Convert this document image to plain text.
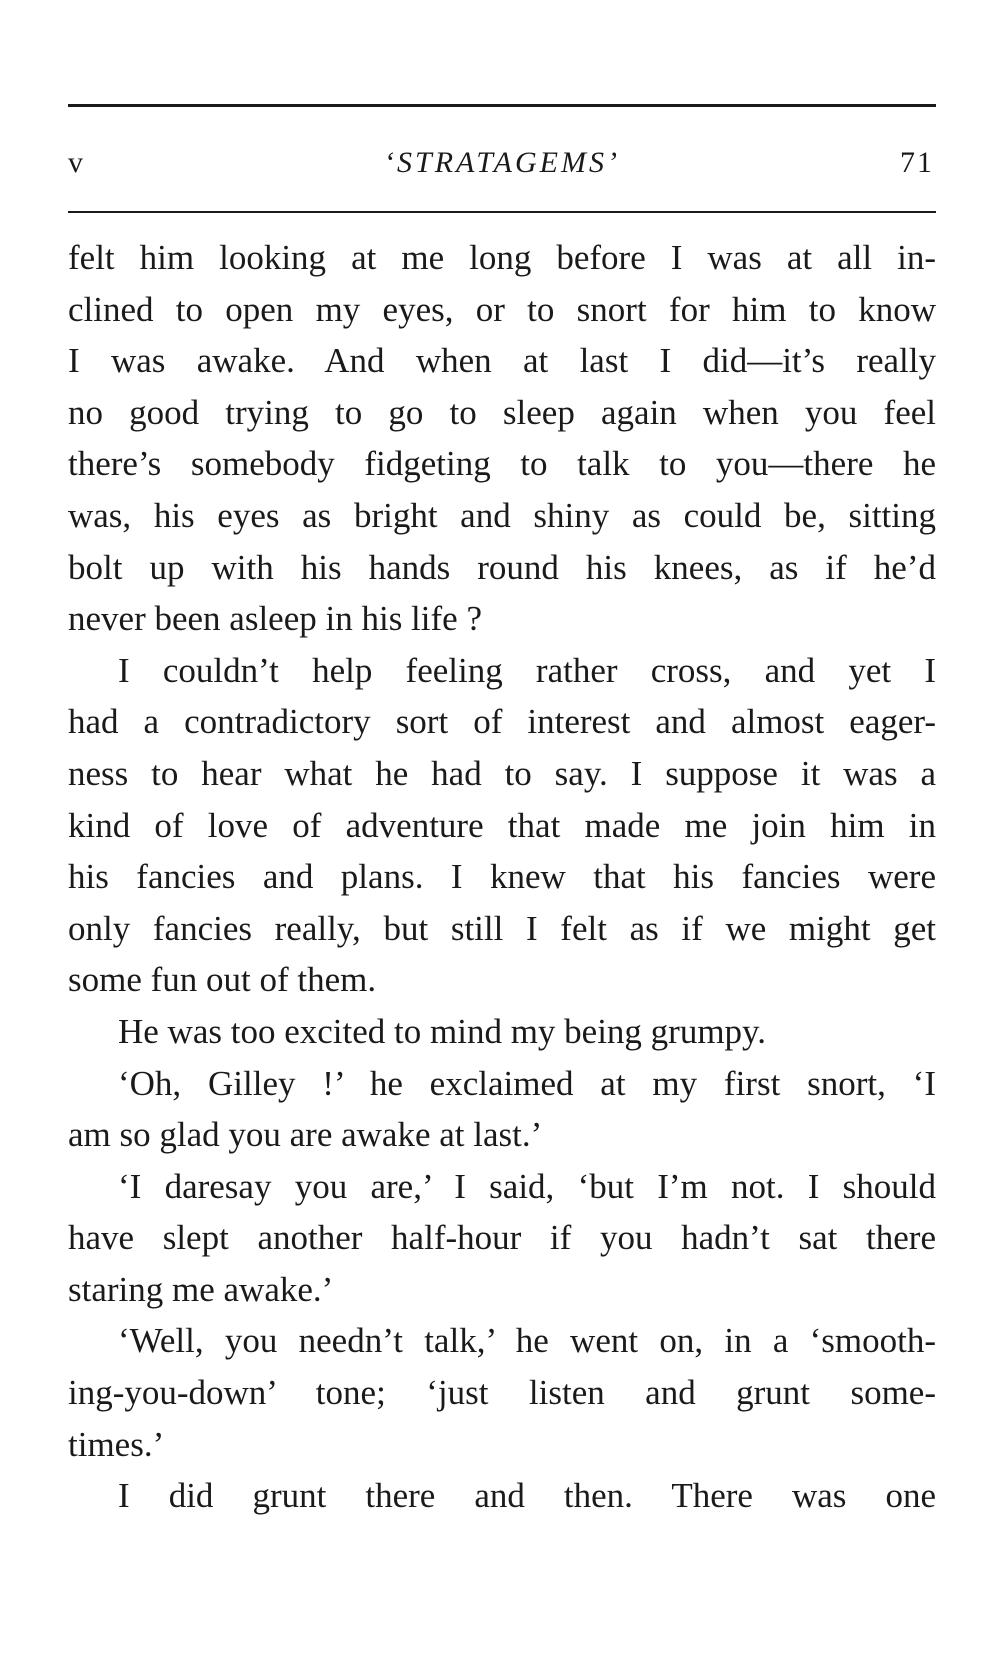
v	‘STRATAGEMS’	71
felt him looking at me long before I was at all in-
clined to open my eyes, or to snort for him to know
I was awake. And when at last I did—it’s really
no good trying to go to sleep again when you feel
there’s somebody fidgeting to talk to you—there he
was, his eyes as bright and shiny as could be, sitting
bolt up with his hands round his knees, as if he’d
never been asleep in his life ?
I couldn’t help feeling rather cross, and yet I
had a contradictory sort of interest and almost eager-
ness to hear what he had to say. I suppose it was a
kind of love of adventure that made me join him in
his fancies and plans. I knew that his fancies were
only fancies really, but still I felt as if we might get
some fun out of them.
He was too excited to mind my being grumpy.
‘Oh, Gilley !’ he exclaimed at my first snort, ‘I
am so glad you are awake at last.’
‘I daresay you are,’ I said, ‘but I’m not. I should
have slept another half-hour if you hadn’t sat there
staring me awake.’
‘Well, you needn’t talk,’ he went on, in a ‘smooth-
ing-you-down’ tone; ‘just listen and grunt some-
times.’
I did grunt there and then. There was one
